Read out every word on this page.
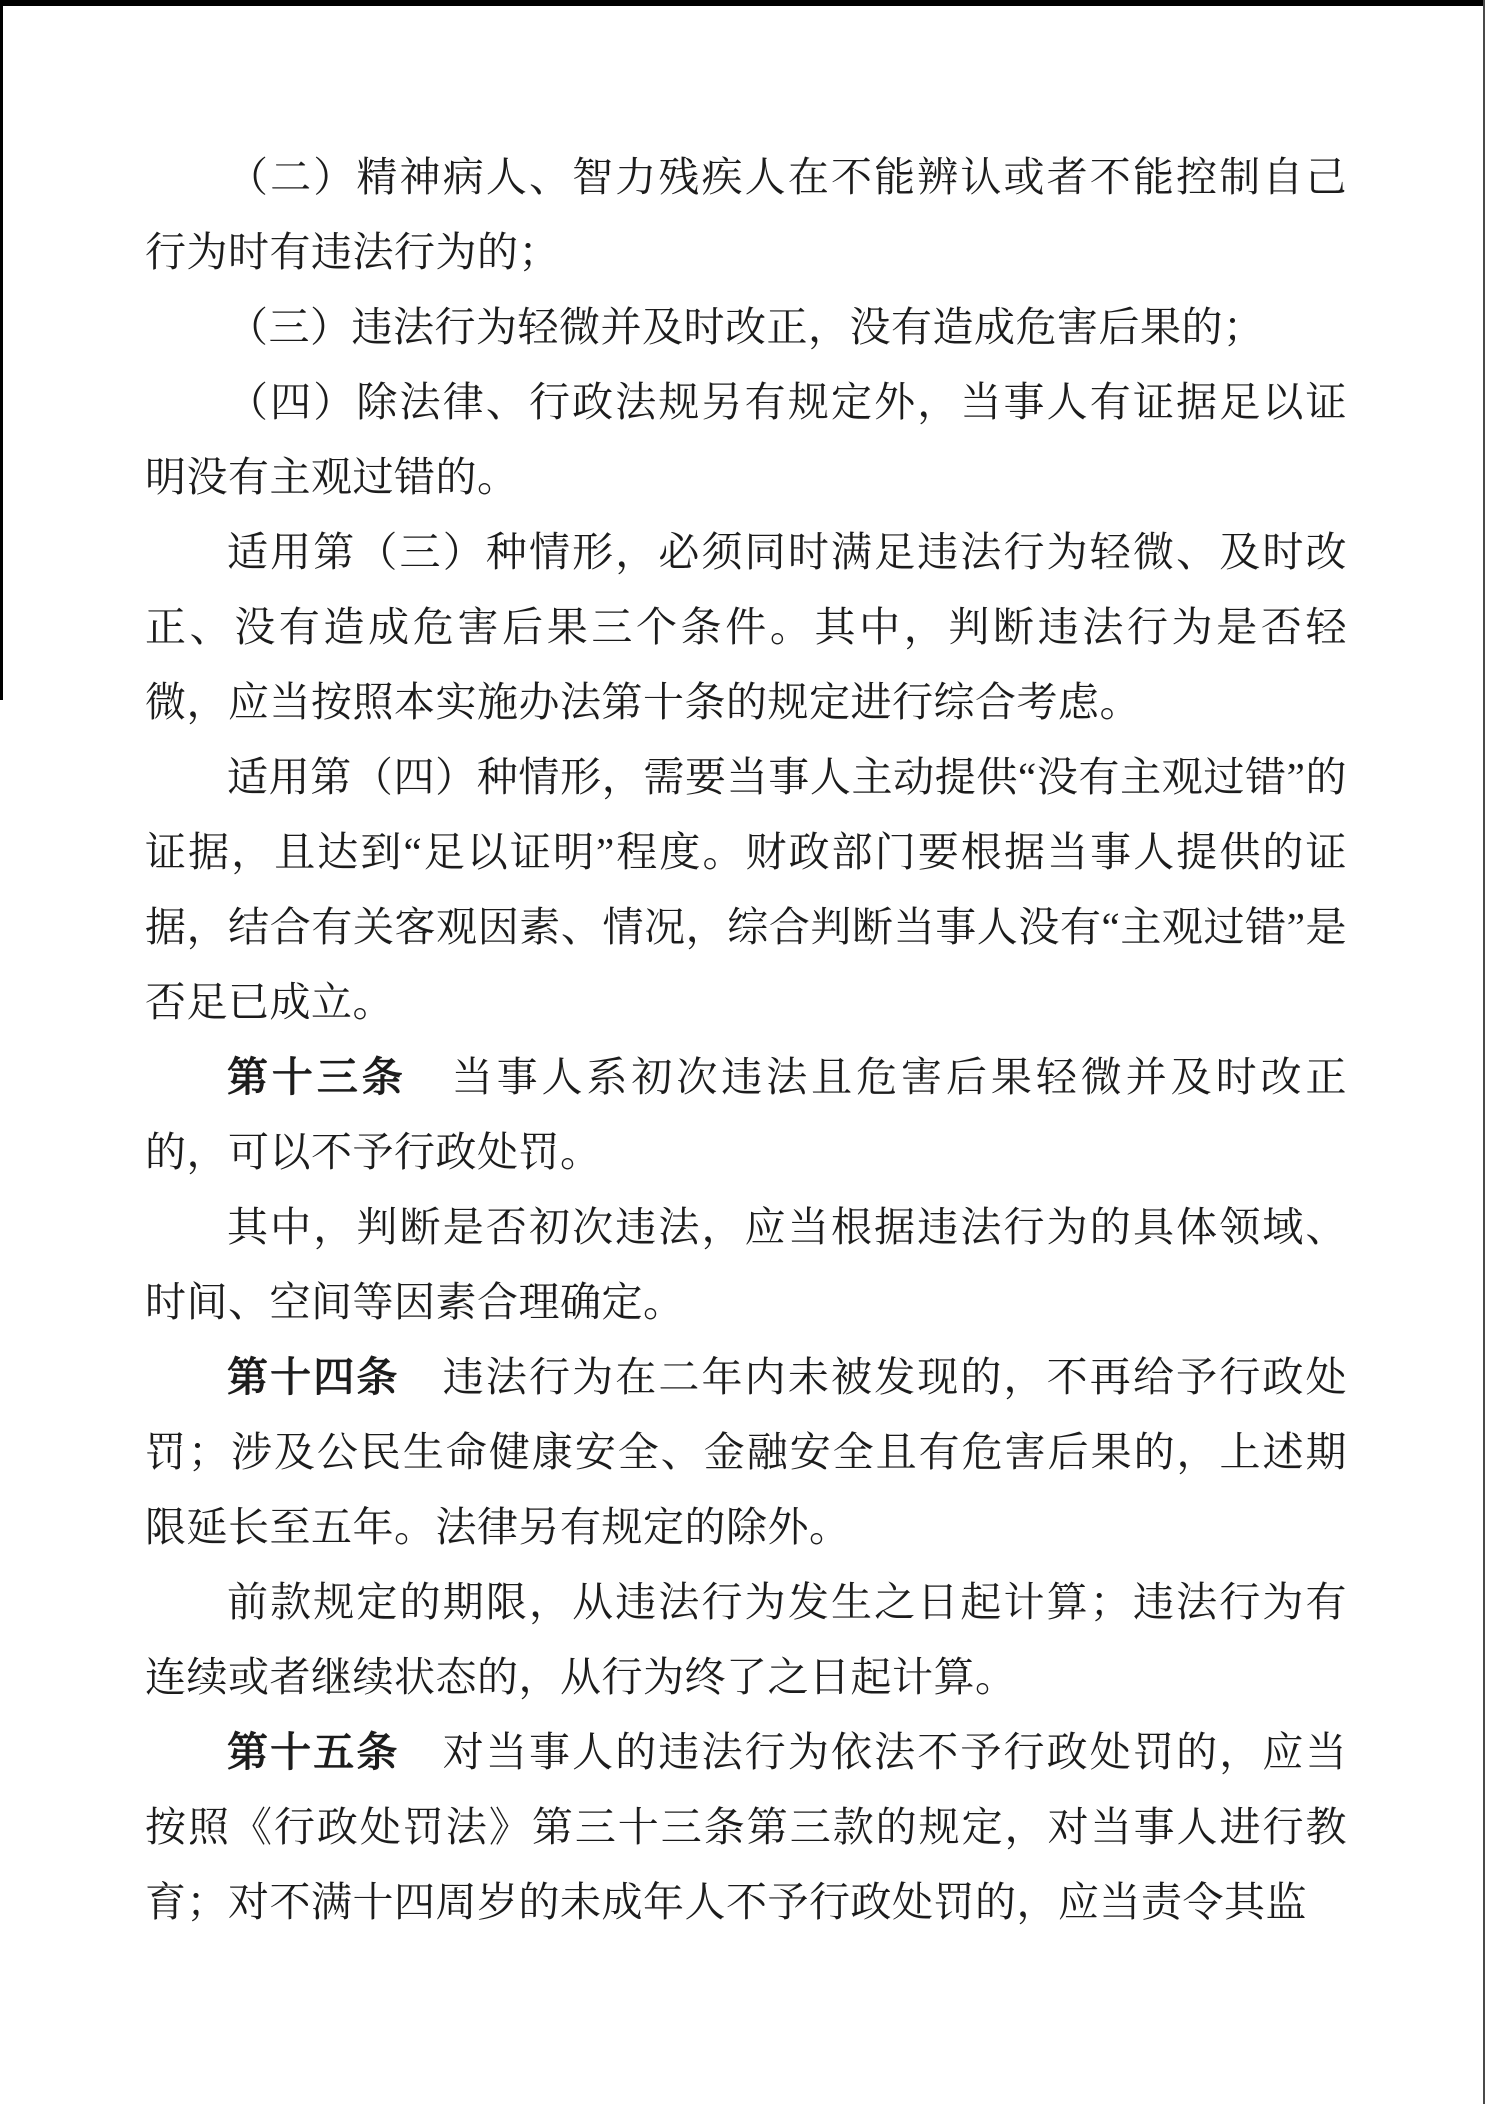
（二）精神病人、智力残疾人在不能辨认或者不能控制自己行为时有违法行为的；

（三）违法行为轻微并及时改正，没有造成危害后果的；

（四）除法律、行政法规另有规定外，当事人有证据足以证明没有主观过错的。

适用第（三）种情形，必须同时满足违法行为轻微、及时改正、没有造成危害后果三个条件。其中，判断违法行为是否轻微，应当按照本实施办法第十条的规定进行综合考虑。

适用第（四）种情形，需要当事人主动提供“没有主观过错”的证据，且达到“足以证明”程度。财政部门要根据当事人提供的证据，结合有关客观因素、情况，综合判断当事人没有“主观过错”是否足已成立。

第十三条　当事人系初次违法且危害后果轻微并及时改正的，可以不予行政处罚。

其中，判断是否初次违法，应当根据违法行为的具体领域、时间、空间等因素合理确定。

第十四条　违法行为在二年内未被发现的，不再给予行政处罚；涉及公民生命健康安全、金融安全且有危害后果的，上述期限延长至五年。法律另有规定的除外。

前款规定的期限，从违法行为发生之日起计算；违法行为有连续或者继续状态的，从行为终了之日起计算。

第十五条　对当事人的违法行为依法不予行政处罚的，应当按照《行政处罚法》第三十三条第三款的规定，对当事人进行教育；对不满十四周岁的未成年人不予行政处罚的，应当责令其监
